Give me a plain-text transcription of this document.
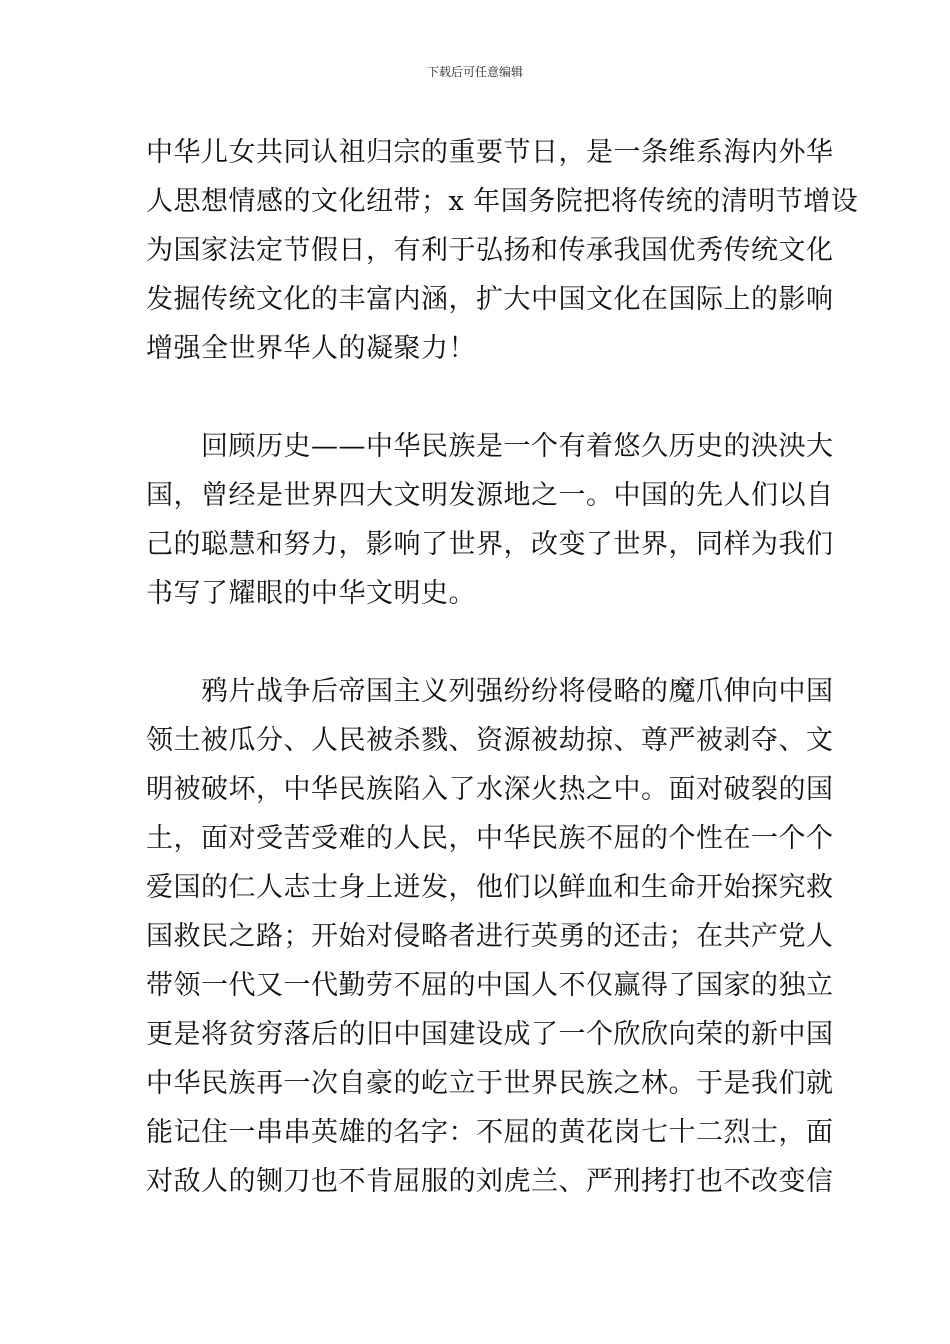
下载后可任意编辑
中华儿女共同认祖归宗的重要节日，是一条维系海内外华
人思想情感的文化纽带；x 年国务院把将传统的清明节增设
为国家法定节假日，有利于弘扬和传承我国优秀传统文化
发掘传统文化的丰富内涵，扩大中国文化在国际上的影响
增强全世界华人的凝聚力！
　　回顾历史——中华民族是一个有着悠久历史的泱泱大
国，曾经是世界四大文明发源地之一。中国的先人们以自
己的聪慧和努力，影响了世界，改变了世界，同样为我们
书写了耀眼的中华文明史。
　　鸦片战争后帝国主义列强纷纷将侵略的魔爪伸向中国
领土被瓜分、人民被杀戮、资源被劫掠、尊严被剥夺、文
明被破坏，中华民族陷入了水深火热之中。面对破裂的国
土，面对受苦受难的人民，中华民族不屈的个性在一个个
爱国的仁人志士身上迸发，他们以鲜血和生命开始探究救
国救民之路；开始对侵略者进行英勇的还击；在共产党人
带领一代又一代勤劳不屈的中国人不仅赢得了国家的独立
更是将贫穷落后的旧中国建设成了一个欣欣向荣的新中国
中华民族再一次自豪的屹立于世界民族之林。于是我们就
能记住一串串英雄的名字：不屈的黄花岗七十二烈士，面
对敌人的铡刀也不肯屈服的刘虎兰、严刑拷打也不改变信
